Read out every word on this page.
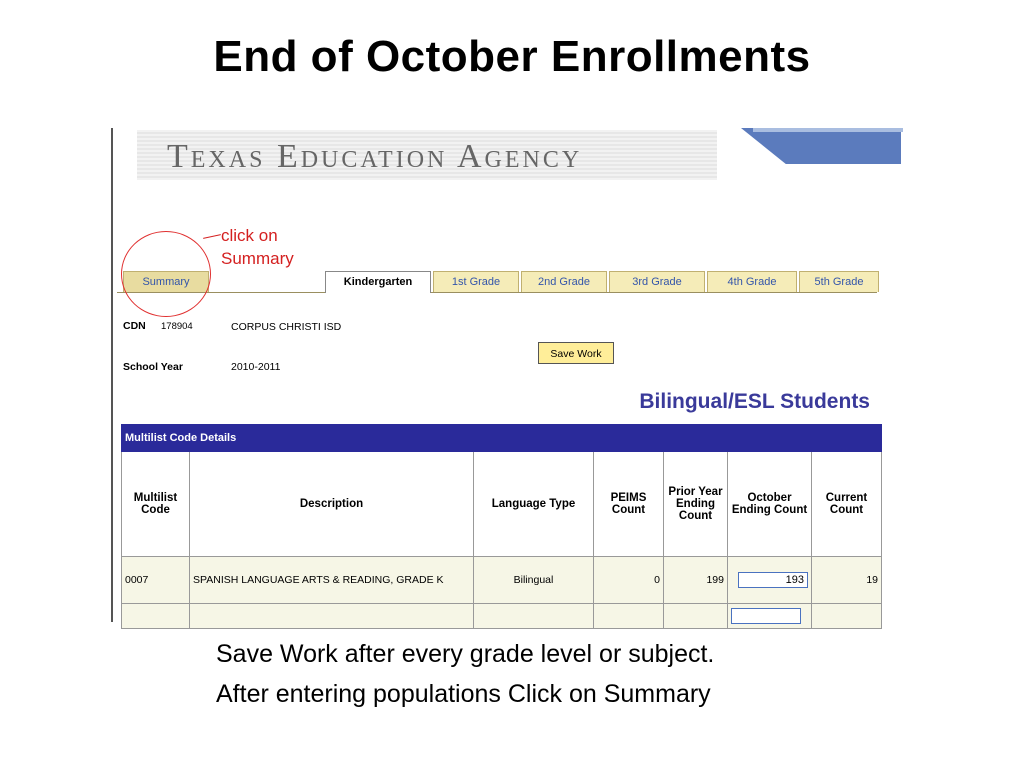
End of October Enrollments
Texas Education Agency
click on
Summary
Summary	Kindergarten	1st Grade	2nd Grade	3rd Grade	4th Grade	5th Grade
CDN 178904	CORPUS CHRISTI ISD
School Year	2010-2011
Save Work
Bilingual/ESL Students
Multilist Code Details						
Multilist Code	Description	Language Type	PEIMS Count	Prior Year Ending Count	October Ending Count	Current Count
0007	SPANISH LANGUAGE ARTS & READING, GRADE K	Bilingual	0	199	193	19

Save Work after every grade level or subject.
After entering populations Click on Summary
